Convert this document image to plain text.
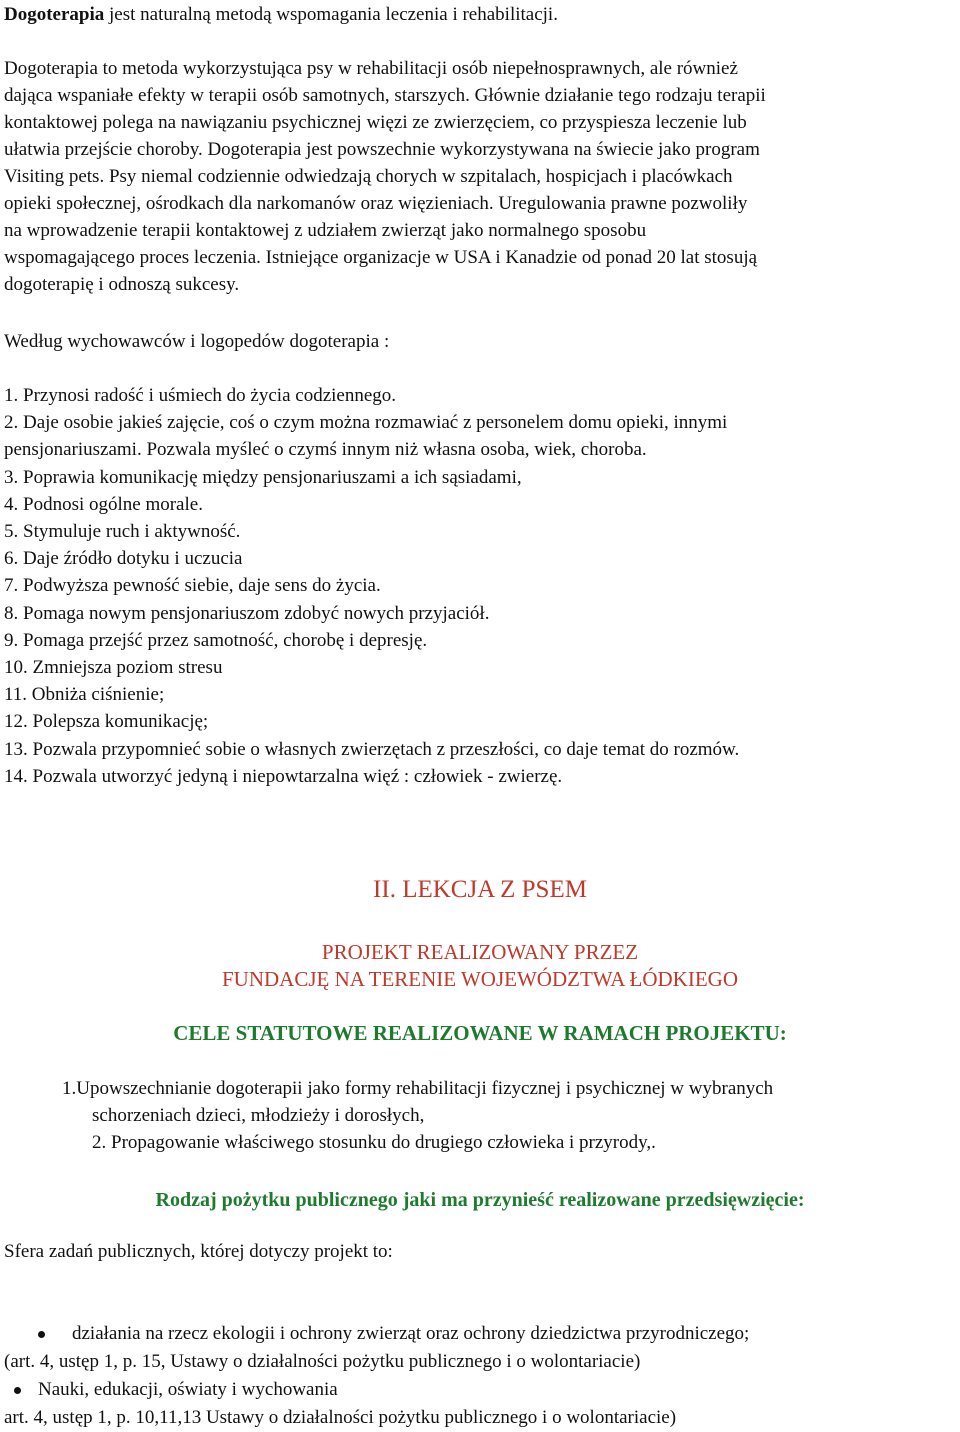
Dogoterapia jest naturalną metodą wspomagania leczenia i rehabilitacji.

Dogoterapia to metoda wykorzystująca psy w rehabilitacji osób niepełnosprawnych, ale również

dająca wspaniałe efekty w terapii osób samotnych, starszych. Głównie działanie tego rodzaju terapii

kontaktowej polega na nawiązaniu psychicznej więzi ze zwierzęciem, co przyspiesza leczenie lub

ułatwia przejście choroby. Dogoterapia jest powszechnie wykorzystywana na świecie jako program

Visiting pets. Psy niemal codziennie odwiedzają chorych w szpitalach, hospicjach i placówkach

opieki społecznej, ośrodkach dla narkomanów oraz więzieniach. Uregulowania prawne pozwoliły

na wprowadzenie terapii kontaktowej z udziałem zwierząt jako normalnego sposobu

wspomagającego proces leczenia. Istniejące organizacje w USA i Kanadzie od ponad 20 lat stosują

dogoterapię i odnoszą sukcesy.

Według wychowawców i logopedów dogoterapia :

1. Przynosi radość i uśmiech do życia codziennego.

2. Daje osobie jakieś zajęcie, coś o czym można rozmawiać z personelem domu opieki, innymi

pensjonariuszami. Pozwala myśleć o czymś innym niż własna osoba, wiek, choroba.

3. Poprawia komunikację między pensjonariuszami a ich sąsiadami,

4. Podnosi ogólne morale.

5. Stymuluje ruch i aktywność.

6. Daje źródło dotyku i uczucia

7. Podwyższa pewność siebie, daje sens do życia.

8. Pomaga nowym pensjonariuszom zdobyć nowych przyjaciół.

9. Pomaga przejść przez samotność, chorobę i depresję.

10. Zmniejsza poziom stresu

11. Obniża ciśnienie;

12. Polepsza komunikację;

13. Pozwala przypomnieć sobie o własnych zwierzętach z przeszłości, co daje temat do rozmów.

14. Pozwala utworzyć jedyną i niepowtarzalna więź : człowiek - zwierzę.

II. LEKCJA Z PSEM

PROJEKT REALIZOWANY PRZEZ

FUNDACJĘ NA TERENIE WOJEWÓDZTWA ŁÓDKIEGO

CELE STATUTOWE REALIZOWANE W RAMACH PROJEKTU:

1.Upowszechnianie dogoterapii jako formy rehabilitacji fizycznej i psychicznej w wybranych

schorzeniach dzieci, młodzieży i dorosłych,

2. Propagowanie właściwego stosunku do drugiego człowieka i przyrody,.

Rodzaj pożytku publicznego jaki ma przynieść realizowane przedsięwzięcie:

Sfera zadań publicznych, której dotyczy projekt to:

działania na rzecz ekologii i ochrony zwierząt oraz ochrony dziedzictwa przyrodniczego;

(art. 4, ustęp 1, p. 15, Ustawy o działalności pożytku publicznego i o wolontariacie)

Nauki, edukacji, oświaty i wychowania

art. 4, ustęp 1, p. 10,11,13 Ustawy o działalności pożytku publicznego i o wolontariacie)
